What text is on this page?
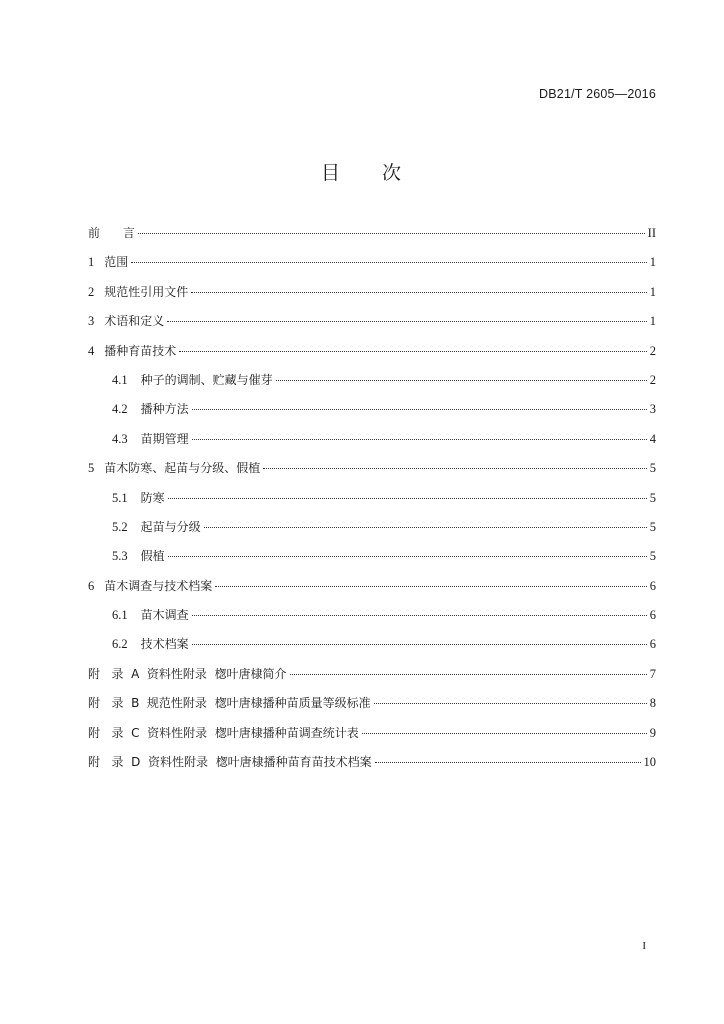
DB21/T 2605—2016
目 次
前      言	II
1 范围	1
2 规范性引用文件	1
3 术语和定义	1
4 播种育苗技术	2
4.1 种子的调制、贮藏与催芽	2
4.2 播种方法	3
4.3 苗期管理	4
5 苗木防寒、起苗与分级、假植	5
5.1 防寒	5
5.2 起苗与分级	5
5.3 假植	5
6 苗木调查与技术档案	6
6.1 苗木调查	6
6.2 技术档案	6
附   录  A  资料性附录  楤叶唐棣简介	7
附   录  B  规范性附录  楤叶唐棣播种苗质量等级标准	8
附   录  C  资料性附录  楤叶唐棣播种苗调查统计表	9
附   录  D  资料性附录  楤叶唐棣播种苗育苗技术档案	10
I
